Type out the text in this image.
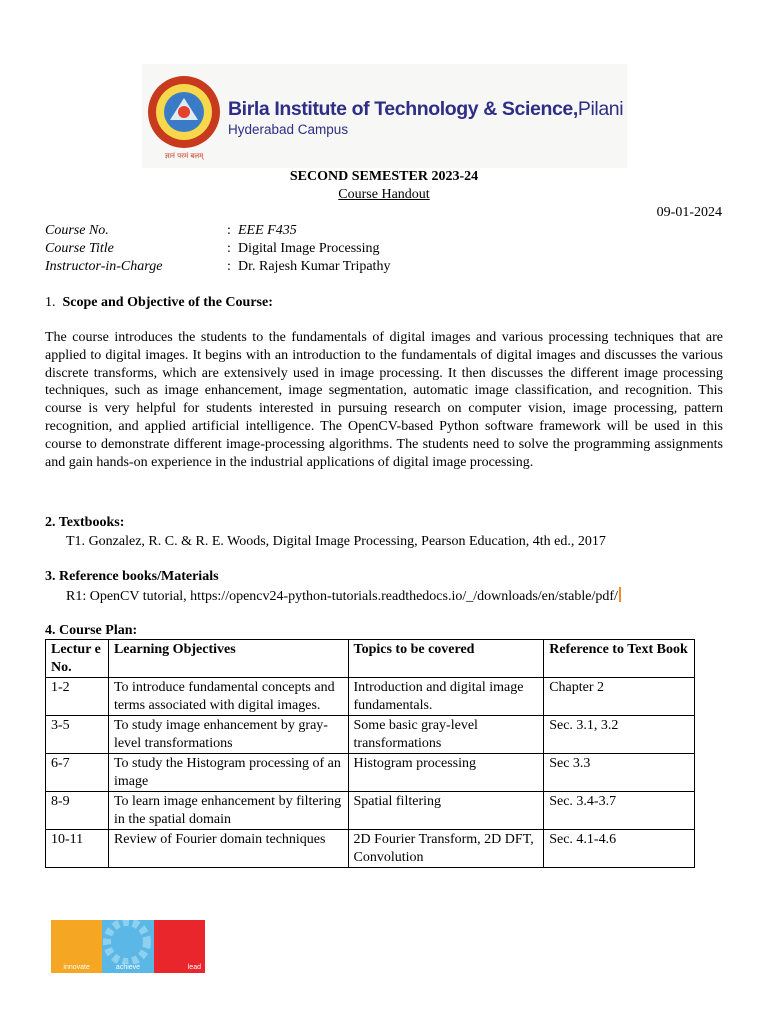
ज्ञानं परमं बलम्
Birla Institute of Technology & Science,Pilani
Hyderabad Campus
SECOND SEMESTER 2023-24
Course Handout
09-01-2024
Course No.	: EEE F435
Course Title	: Digital Image Processing
Instructor-in-Charge	: Dr. Rajesh Kumar Tripathy
1. Scope and Objective of the Course:
The course introduces the students to the fundamentals of digital images and various processing techniques that are applied to digital images. It begins with an introduction to the fundamentals of digital images and discusses the various discrete transforms, which are extensively used in image processing. It then discusses the different image processing techniques, such as image enhancement, image segmentation, automatic image classification, and recognition. This course is very helpful for students interested in pursuing research on computer vision, image processing, pattern recognition, and applied artificial intelligence. The OpenCV-based Python software framework will be used in this course to demonstrate different image-processing algorithms. The students need to solve the programming assignments and gain hands-on experience in the industrial applications of digital image processing.
2. Textbooks:
T1. Gonzalez, R. C. & R. E. Woods, Digital Image Processing, Pearson Education, 4th ed., 2017
3. Reference books/Materials
R1: OpenCV tutorial, https://opencv24-python-tutorials.readthedocs.io/_/downloads/en/stable/pdf/
4. Course Plan:
Lectur e No.	Learning Objectives	Topics to be covered	Reference to Text Book
1-2	To introduce fundamental concepts and terms associated with digital images.	Introduction and digital image fundamentals.	Chapter 2
3-5	To study image enhancement by gray-level transformations	Some basic gray-level transformations	Sec. 3.1, 3.2
6-7	To study the Histogram processing of an image	Histogram processing	Sec 3.3
8-9	To learn image enhancement by filtering in the spatial domain	Spatial filtering	Sec. 3.4-3.7
10-11	Review of Fourier domain techniques	2D Fourier Transform, 2D DFT, Convolution	Sec. 4.1-4.6
innovate	achieve	lead
